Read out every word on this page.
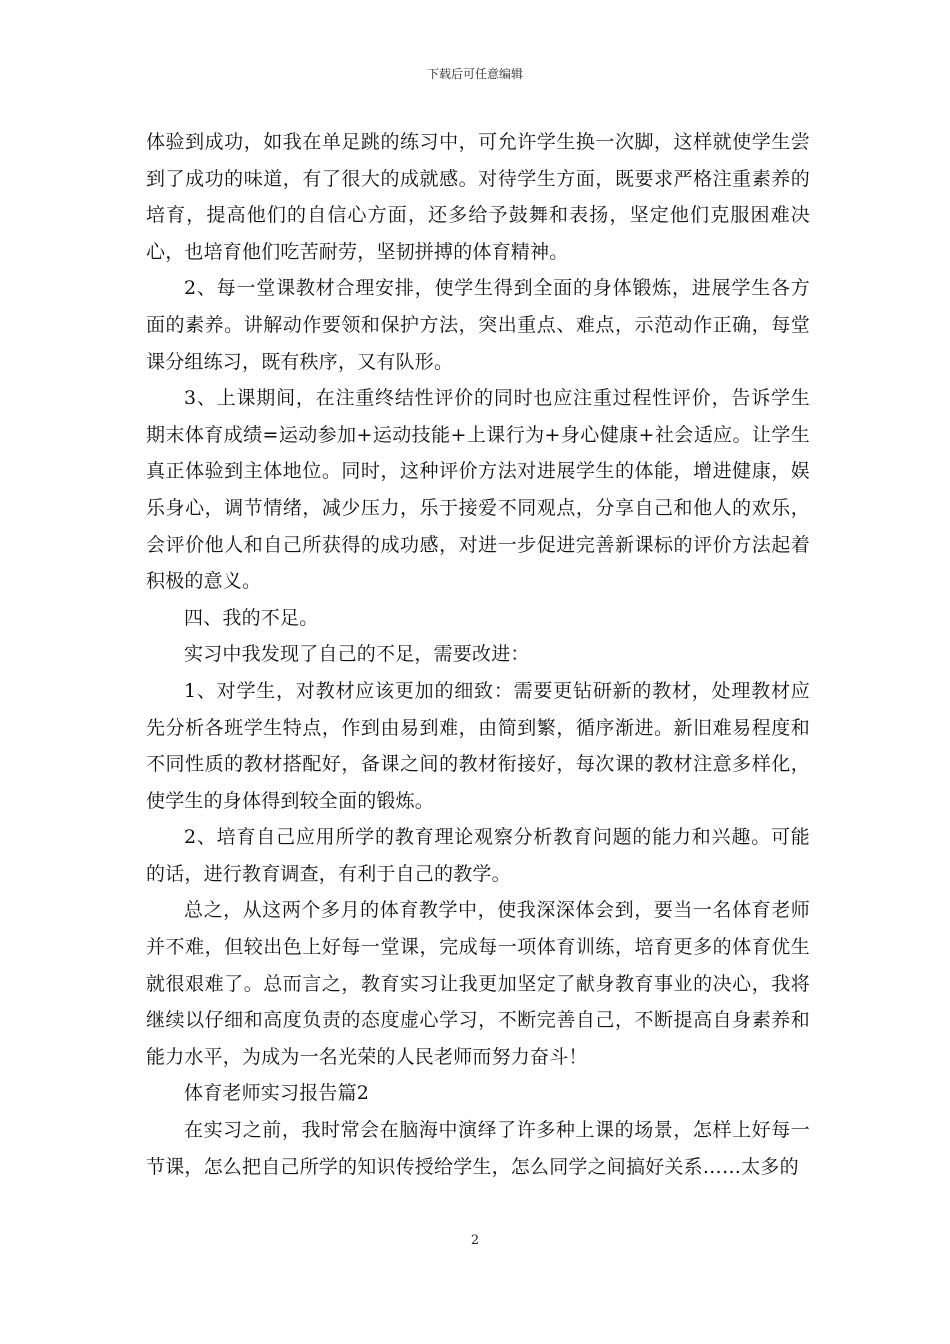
下载后可任意编辑

体验到成功，如我在单足跳的练习中，可允许学生换一次脚，这样就使学生尝到了成功的味道，有了很大的成就感。对待学生方面，既要求严格注重素养的培育，提高他们的自信心方面，还多给予鼓舞和表扬，坚定他们克服困难决心，也培育他们吃苦耐劳，坚韧拼搏的体育精神。

2、每一堂课教材合理安排，使学生得到全面的身体锻炼，进展学生各方面的素养。讲解动作要领和保护方法，突出重点、难点，示范动作正确，每堂课分组练习，既有秩序，又有队形。

3、上课期间，在注重终结性评价的同时也应注重过程性评价，告诉学生期末体育成绩=运动参加+运动技能+上课行为+身心健康+社会适应。让学生真正体验到主体地位。同时，这种评价方法对进展学生的体能，增进健康，娱乐身心，调节情绪，减少压力，乐于接爱不同观点，分享自己和他人的欢乐，会评价他人和自己所获得的成功感，对进一步促进完善新课标的评价方法起着积极的意义。

四、我的不足。

实习中我发现了自己的不足，需要改进：

1、对学生，对教材应该更加的细致：需要更钻研新的教材，处理教材应先分析各班学生特点，作到由易到难，由简到繁，循序渐进。新旧难易程度和不同性质的教材搭配好，备课之间的教材衔接好，每次课的教材注意多样化，使学生的身体得到较全面的锻炼。

2、培育自己应用所学的教育理论观察分析教育问题的能力和兴趣。可能的话，进行教育调查，有利于自己的教学。

总之，从这两个多月的体育教学中，使我深深体会到，要当一名体育老师并不难，但较出色上好每一堂课，完成每一项体育训练，培育更多的体育优生就很艰难了。总而言之，教育实习让我更加坚定了献身教育事业的决心，我将继续以仔细和高度负责的态度虚心学习，不断完善自己，不断提高自身素养和能力水平，为成为一名光荣的人民老师而努力奋斗！

体育老师实习报告篇2

在实习之前，我时常会在脑海中演绎了许多种上课的场景，怎样上好每一节课，怎么把自己所学的知识传授给学生，怎么同学之间搞好关系……太多的

2
